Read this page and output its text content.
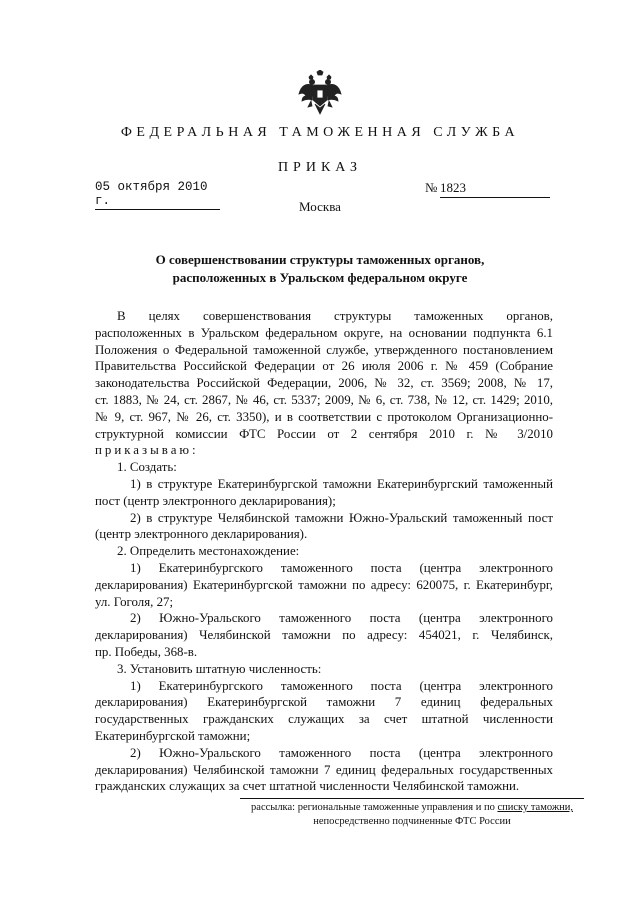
ФЕДЕРАЛЬНАЯ ТАМОЖЕННАЯ СЛУЖБА
ПРИКАЗ
05 октября 2010 г.
№ 1823
Москва
О совершенствовании структуры таможенных органов,
расположенных в Уральском федеральном округе

В целях совершенствования структуры таможенных органов,

расположенных в Уральском федеральном округе, на основании подпункта 6.1

Положения о Федеральной таможенной службе, утвержденного постановлением

Правительства Российской Федерации от 26 июля 2006 г. № 459 (Собрание

законодательства Российской Федерации, 2006, № 32, ст. 3569; 2008, № 17,

ст. 1883, № 24, ст. 2867, № 46, ст. 5337; 2009, № 6, ст. 738, № 12, ст. 1429; 2010,

№ 9, ст. 967, № 26, ст. 3350), и в соответствии с протоколом Организационно-

структурной комиссии ФТС России от 2 сентября 2010 г. № 3/2010

приказываю:

1. Создать:

1) в структуре Екатеринбургской таможни Екатеринбургский таможенный

пост (центр электронного декларирования);

2) в структуре Челябинской таможни Южно-Уральский таможенный пост

(центр электронного декларирования).

2. Определить местонахождение:

1) Екатеринбургского таможенного поста (центра электронного

декларирования) Екатеринбургской таможни по адресу: 620075, г. Екатеринбург,

ул. Гоголя, 27;

2) Южно-Уральского таможенного поста (центра электронного

декларирования) Челябинской таможни по адресу: 454021, г. Челябинск,

пр. Победы, 368-в.

3. Установить штатную численность:

1) Екатеринбургского таможенного поста (центра электронного

декларирования) Екатеринбургской таможни 7 единиц федеральных

государственных гражданских служащих за счет штатной численности

Екатеринбургской таможни;

2) Южно-Уральского таможенного поста (центра электронного

декларирования) Челябинской таможни 7 единиц федеральных государственных

гражданских служащих за счет штатной численности Челябинской таможни.

рассылка: региональные таможенные управления и по списку таможни,
непосредственно подчиненные ФТС России
